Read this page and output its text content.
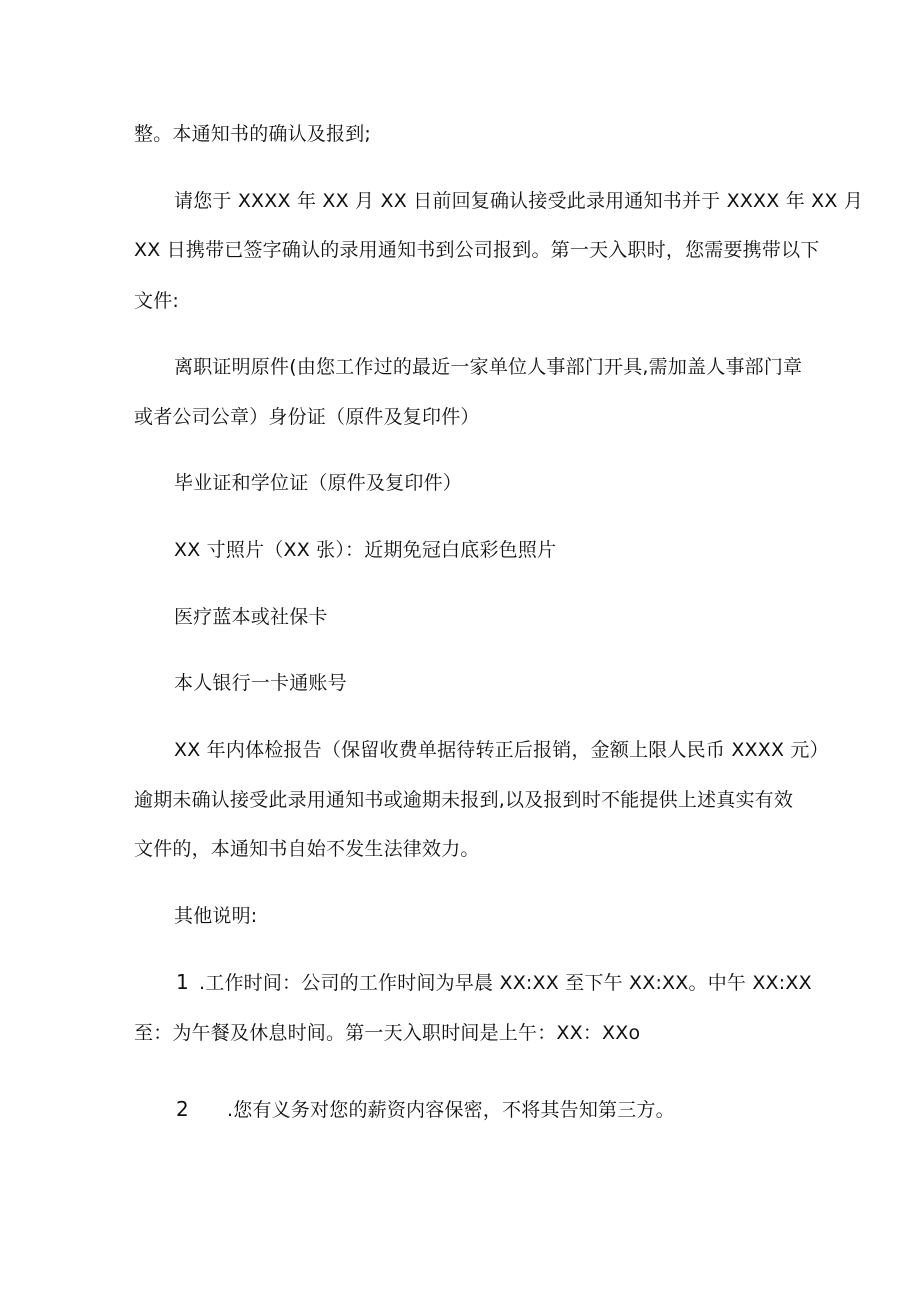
整。本通知书的确认及报到;
请您于 XXXX 年 XX 月 XX 日前回复确认接受此录用通知书并于 XXXX 年 XX 月
XX 日携带已签字确认的录用通知书到公司报到。第一天入职时，您需要携带以下
文件:
离职证明原件(由您工作过的最近一家单位人事部门开具,需加盖人事部门章
或者公司公章）身份证（原件及复印件）
毕业证和学位证（原件及复印件）
XX 寸照片（XX 张）：近期免冠白底彩色照片
医疗蓝本或社保卡
本人银行一卡通账号
XX 年内体检报告（保留收费单据待转正后报销，金额上限人民币 XXXX 元）
逾期未确认接受此录用通知书或逾期未报到,以及报到时不能提供上述真实有效
文件的，本通知书自始不发生法律效力。
其他说明:
1 .工作时间：公司的工作时间为早晨 XX:XX 至下午 XX:XX。中午 XX:XX
至：为午餐及休息时间。第一天入职时间是上午：XX：XXo
2 .您有义务对您的薪资内容保密，不将其告知第三方。
